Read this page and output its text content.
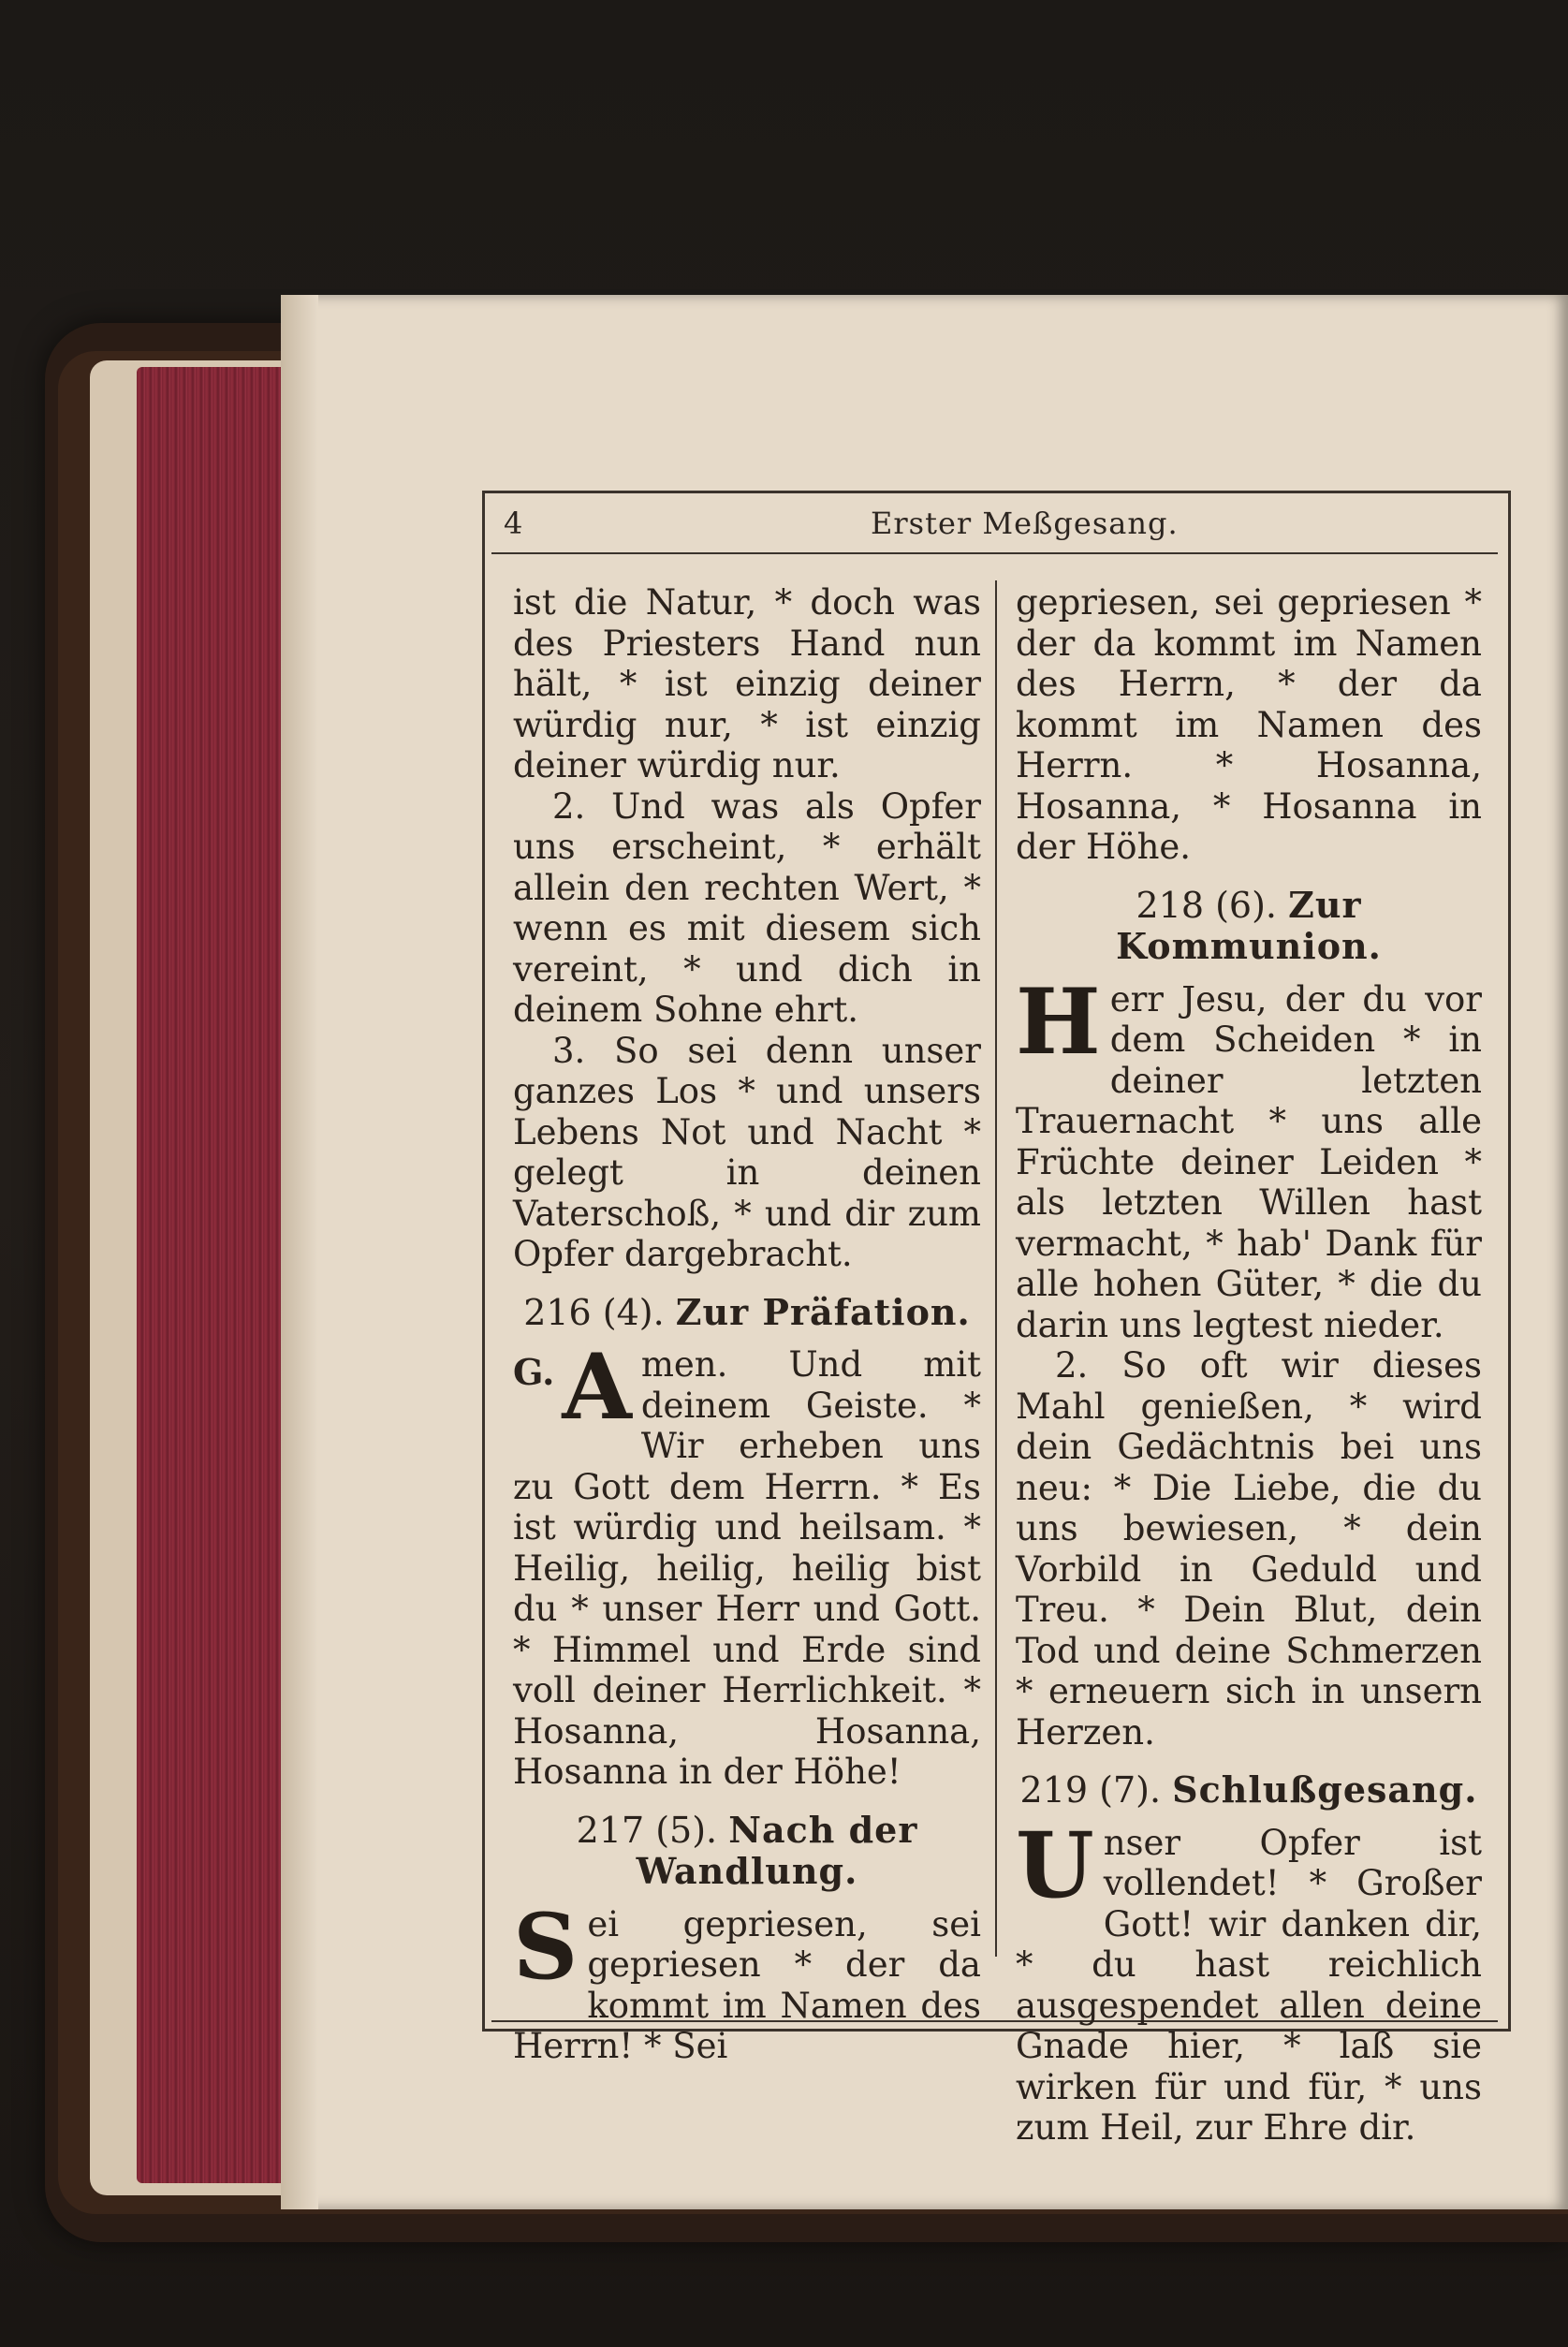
4	Erster Meßgesang.

ist die Natur, * doch was des Priesters Hand nun hält, * ist einzig deiner würdig nur, * ist einzig deiner würdig nur.

2. Und was als Opfer uns erscheint, * erhält allein den rechten Wert, * wenn es mit diesem sich vereint, * und dich in deinem Sohne ehrt.

3. So sei denn unser ganzes Los * und unsers Lebens Not und Nacht * gelegt in deinen Vaterschoß, * und dir zum Opfer dargebracht.

216 (4). Zur Präfation.

G. A men. Und mit deinem Geiste. * Wir erheben uns zu Gott dem Herrn. * Es ist würdig und heilsam. * Heilig, heilig, heilig bist du * unser Herr und Gott. * Himmel und Erde sind voll deiner Herrlichkeit. * Hosanna, Hosanna, Hosanna in der Höhe!

217 (5). Nach der Wandlung.

S ei gepriesen, sei gepriesen * der da kommt im Namen des Herrn! * Sei

gepriesen, sei gepriesen * der da kommt im Namen des Herrn, * der da kommt im Namen des Herrn. * Hosanna, Hosanna, * Hosanna in der Höhe.

218 (6). Zur Kommunion.

H err Jesu, der du vor dem Scheiden * in deiner letzten Trauernacht * uns alle Früchte deiner Leiden * als letzten Willen hast vermacht, * hab' Dank für alle hohen Güter, * die du darin uns legtest nieder.

2. So oft wir dieses Mahl genießen, * wird dein Gedächtnis bei uns neu: * Die Liebe, die du uns bewiesen, * dein Vorbild in Geduld und Treu. * Dein Blut, dein Tod und deine Schmerzen * erneuern sich in unsern Herzen.

219 (7). Schlußgesang.

U nser Opfer ist vollendet! * Großer Gott! wir danken dir, * du hast reichlich ausgespendet allen deine Gnade hier, * laß sie wirken für und für, * uns zum Heil, zur Ehre dir.
